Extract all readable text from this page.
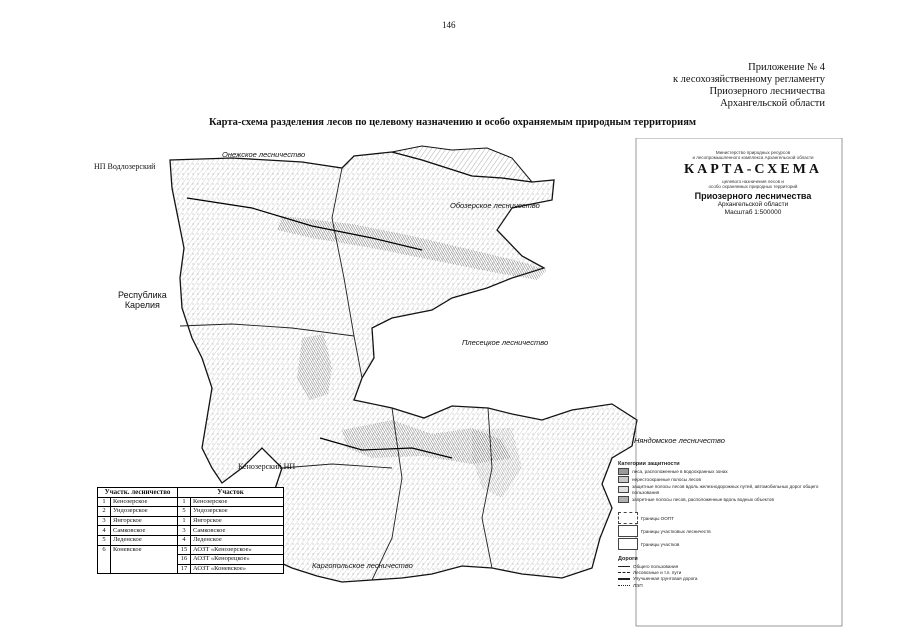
146
Приложение № 4
к лесохозяйственному регламенту
Приозерного лесничества
Архангельской области
Карта-схема разделения лесов по целевому назначению и особо охраняемым природным территориям
Онежское лесничество
Обозерское лесничество
Республика
Карелия
Плесецкое лесничество
Няндомское лесничество
Каргопольское лесничество
НП Водлозерский
Кенозерский НП
Министерство природных ресурсов
и лесопромышленного комплекса Архангельской области
КАРТА-СХЕМА
целевого назначения лесов и
особо охраняемых природных территорий
Приозерного лесничества
Архангельской области
Масштаб 1:500000
Участк. лесничество		Участок	
1	Кенозерское	1	Кенозерское
2	Ундозерское	5	Ундозерское
3	Янгорское	1	Янгорское
4	Самковское	3	Самковское
5	Леденское	4	Леденское
6	Коневское	15	АОЗТ «Кенозерское»
		16	АОЗТ «Кенорецкое»
		17	АОЗТ «Коневское»
Категории защитности
леса, расположенные в водоохранных зонах
нерестоохранные полосы лесов
защитные полосы лесов вдоль железнодорожных путей, автомобильных дорог общего пользования
запретные полосы лесов, расположенные вдоль водных объектов
Границы ООПТ
Границы участковых лесничеств
Границы участков
Дороги
Общего пользования
Лесовозные и т.п. пути
Улучшенная грунтовая дорога
ЛЭП
